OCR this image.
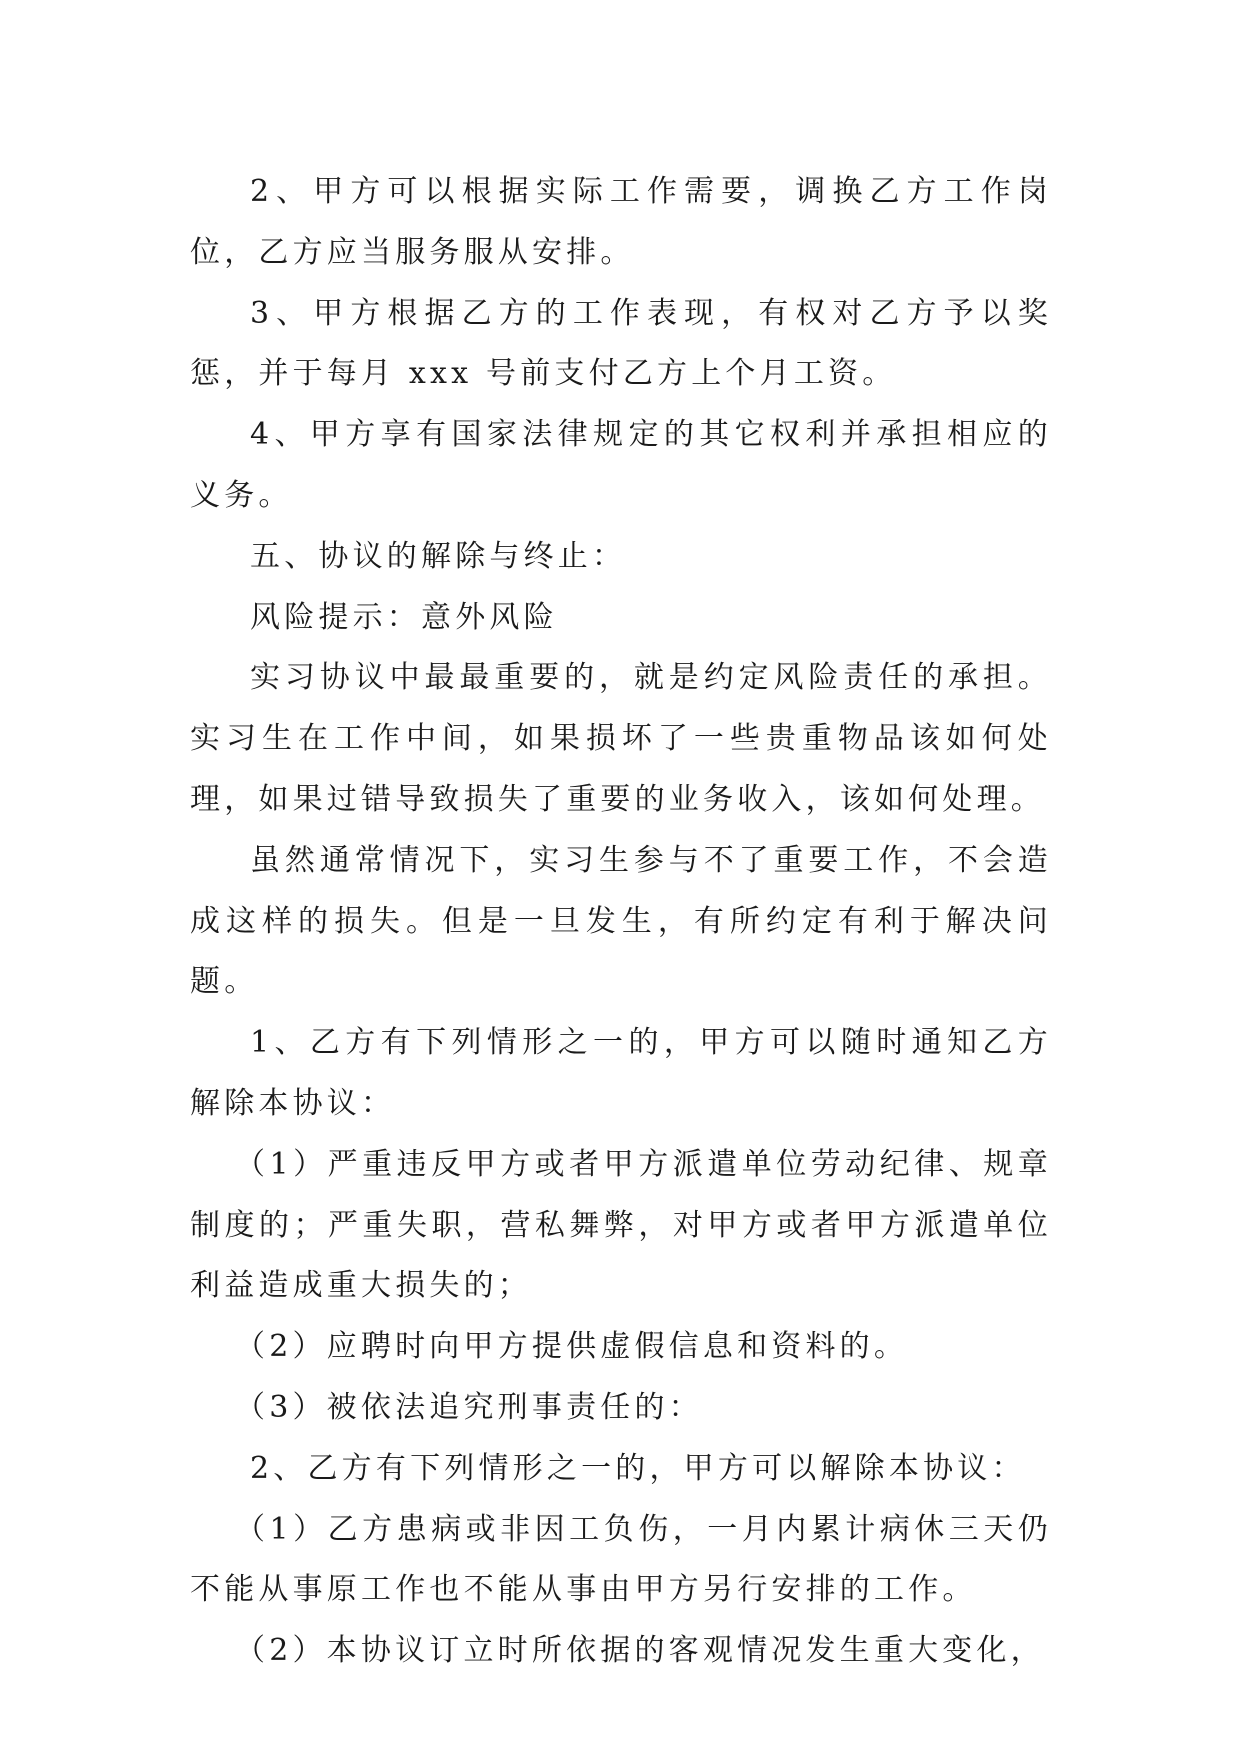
2、甲方可以根据实际工作需要，调换乙方工作岗位，乙方应当服务服从安排。

3、甲方根据乙方的工作表现，有权对乙方予以奖惩，并于每月 xxx 号前支付乙方上个月工资。

4、甲方享有国家法律规定的其它权利并承担相应的义务。

五、协议的解除与终止：

风险提示：意外风险

实习协议中最最重要的，就是约定风险责任的承担。实习生在工作中间，如果损坏了一些贵重物品该如何处理，如果过错导致损失了重要的业务收入，该如何处理。

虽然通常情况下，实习生参与不了重要工作，不会造成这样的损失。但是一旦发生，有所约定有利于解决问题。

1、乙方有下列情形之一的，甲方可以随时通知乙方解除本协议：

（1）严重违反甲方或者甲方派遣单位劳动纪律、规章制度的；严重失职，营私舞弊，对甲方或者甲方派遣单位利益造成重大损失的；

（2）应聘时向甲方提供虚假信息和资料的。

（3）被依法追究刑事责任的：

2、乙方有下列情形之一的，甲方可以解除本协议：

（1）乙方患病或非因工负伤，一月内累计病休三天仍不能从事原工作也不能从事由甲方另行安排的工作。

（2）本协议订立时所依据的客观情况发生重大变化，
